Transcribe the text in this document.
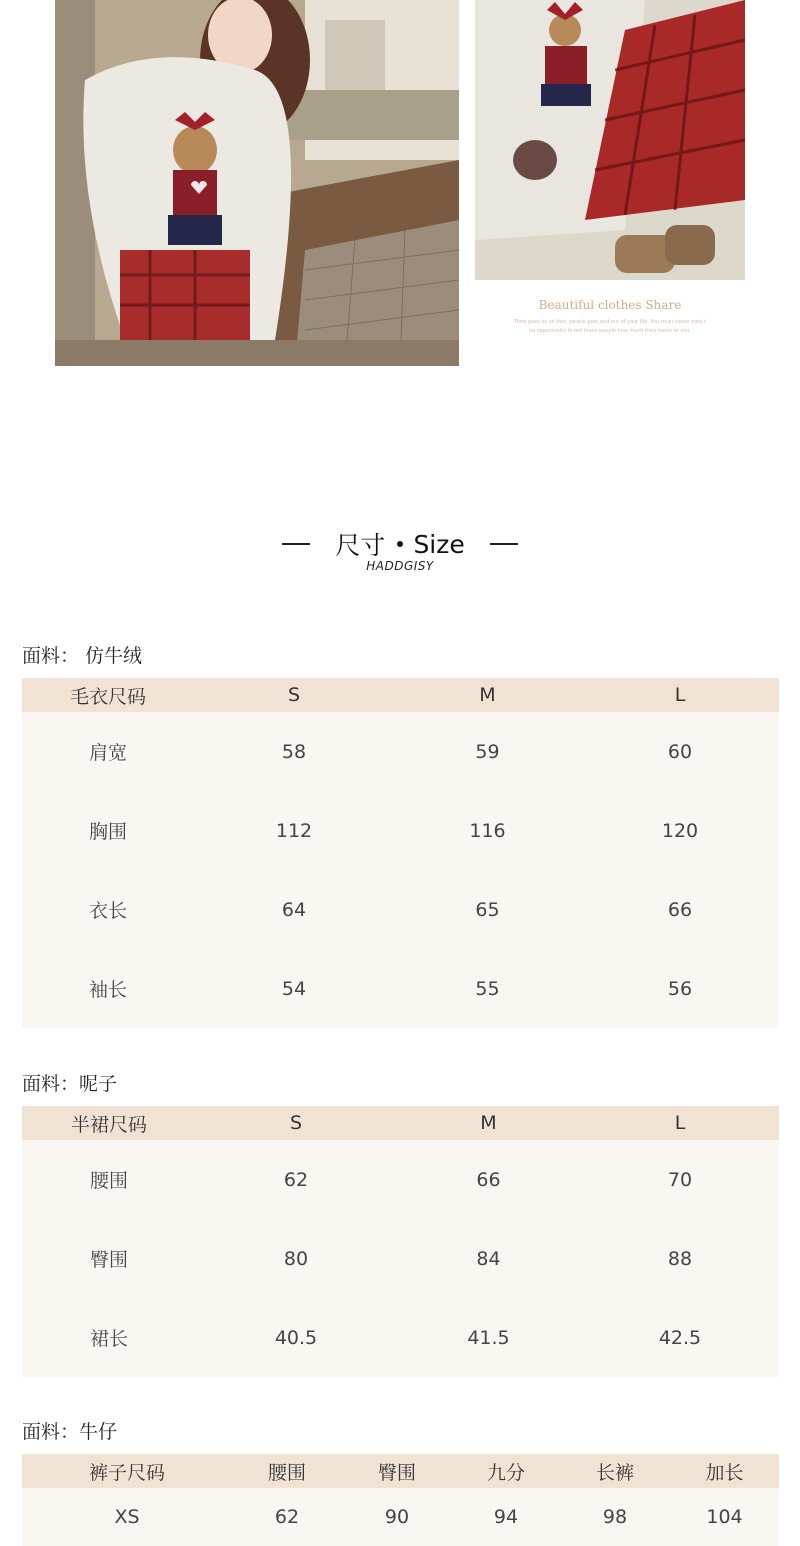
Beautiful clothes Share
Time goes by so fast, people gain and out of your life. You must never miss t
he opportunity to tell these people how much they mean to you.
尺寸 Size
HADDGISY
面料： 仿牛绒
毛衣尺码	S	M	L
肩宽	58	59	60
胸围	112	116	120
衣长	64	65	66
袖长	54	55	56
面料：呢子
半裙尺码	S	M	L
腰围	62	66	70
臀围	80	84	88
裙长	40.5	41.5	42.5
面料：牛仔
裤子尺码	腰围	臀围	九分	长裤	加长
XS	62	90	94	98	104
